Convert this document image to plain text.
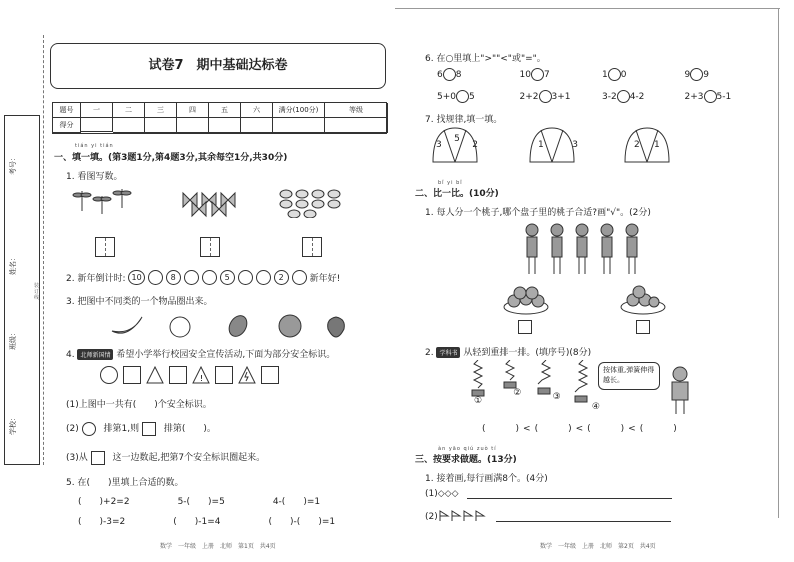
考号：
姓名：
班级：
学校：
装订线
试卷7　期中基础达标卷
题号	一	二	三	四	五	六	满分(100分)	等级
得分
tián yi tián
一、填一填。(第3题1分,第4题3分,其余每空1分,共30分)
1. 看图写数。
2. 新年倒计时: 10	8	5	2	新年好!
3. 把图中不同类的一个物品圈出来。
4. 北师新国情 希望小学举行校园安全宣传活动,下面为部分安全标识。
!
(1)上图中一共有(　　)个安全标识。
(2)	排第1,则	排第(　　)。
(3)从	这一边数起,把第7个安全标识圈起来。
5. 在(　　)里填上合适的数。
(　　)+2=2	5-(　　)=5	4-(　　)=1
(　　)-3=2	(　　)-1=4	(　　)-(　　)=1
数学　一年级　上册　北师　第1页　共4页
6. 在○里填上">""<"或"="。
6 8	10 7	1 0	9 9
5+0 5	2+2 3+1	3-2 4-2	2+3 5-1
7. 找规律,填一填。
3
5
2	1	3	2 1
bǐ yi bǐ
二、比一比。(10分)
1. 每人分一个桃子,哪个盘子里的桃子合适?画"√"。(2分)
2. 学科书 从轻到重排一排。(填序号)(8分)
①
②	③
④
按体重,弹簧伸得越长。
(　　)<(　　)<(　　)<(　　)
àn yāo qiú zuò tí
三、按要求做题。(13分)
1. 接着画,每行画满8个。(4分)
(1)◇◇◇
(2)
数学　一年级　上册　北师　第2页　共4页
